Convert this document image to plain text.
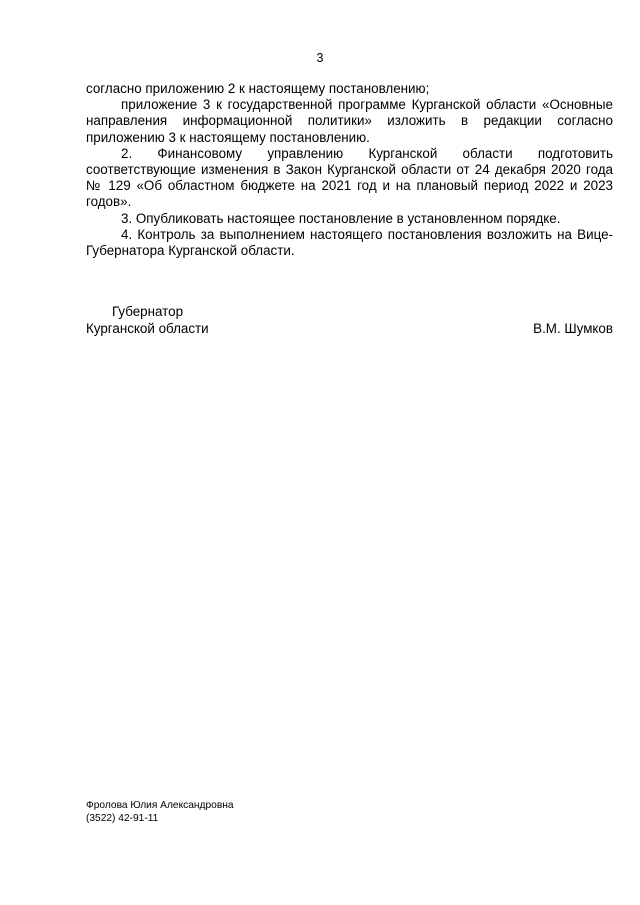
3

согласно приложению 2 к настоящему постановлению;

приложение 3 к государственной программе Курганской области «Основные направления информационной политики» изложить в редакции согласно приложению 3 к настоящему постановлению.

2. Финансовому управлению Курганской области подготовить соответствующие изменения в Закон Курганской области от 24 декабря 2020 года № 129 «Об областном бюджете на 2021 год и на плановый период 2022 и 2023 годов».

3. Опубликовать настоящее постановление в установленном порядке.

4. Контроль за выполнением настоящего постановления возложить на Вице-Губернатора Курганской области.

Губернатор
Курганской области	В.М. Шумков
Фролова Юлия Александровна
(3522) 42-91-11
